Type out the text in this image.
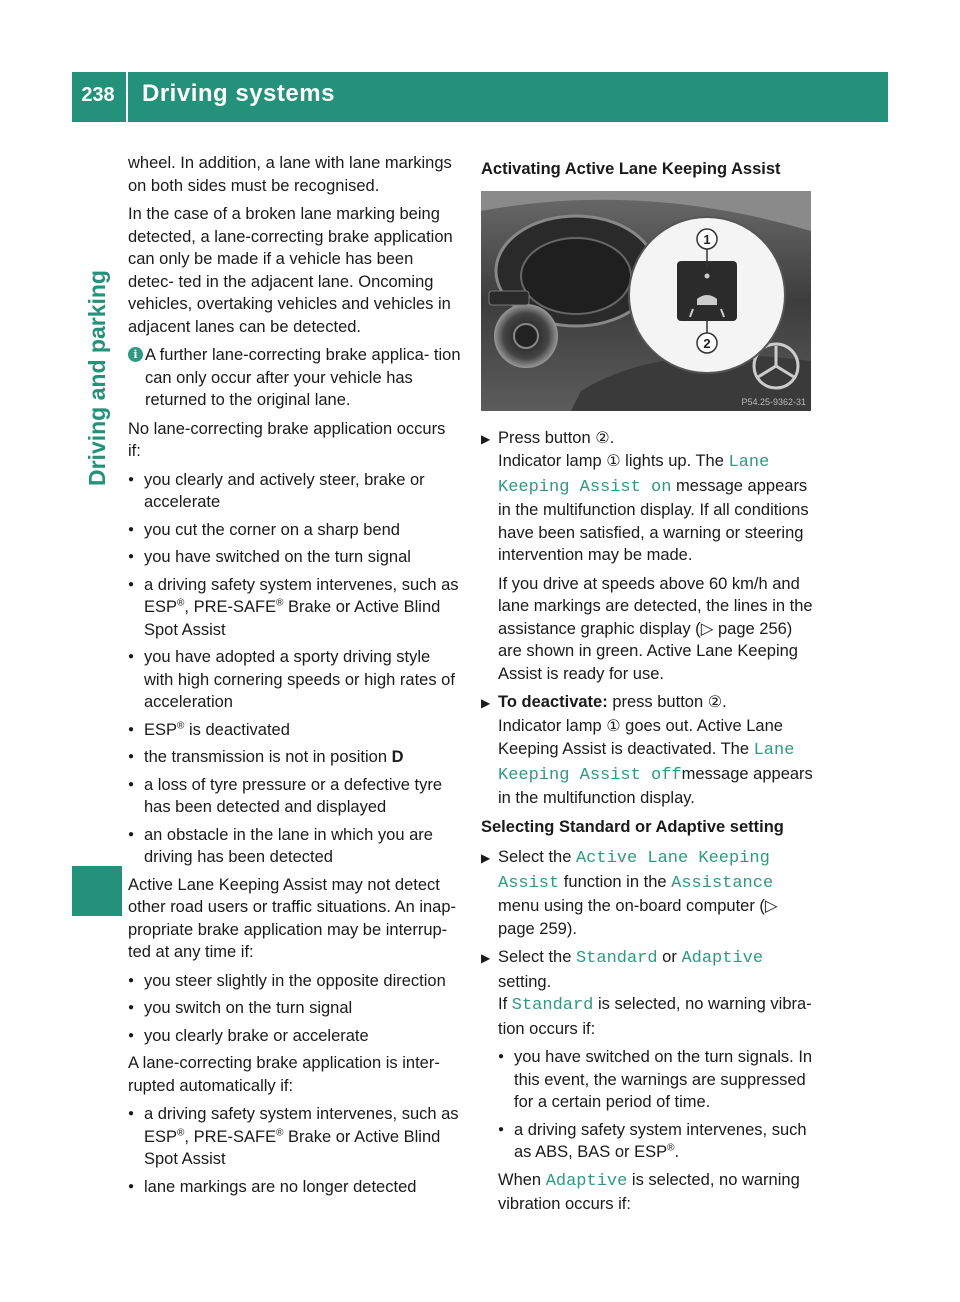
238	Driving systems
Driving and parking

wheel. In addition, a lane with lane markings on both sides must be recognised.

In the case of a broken lane marking being detected, a lane-correcting brake application can only be made if a vehicle has been detec- ted in the adjacent lane. Oncoming vehicles, overtaking vehicles and vehicles in adjacent lanes can be detected.

i A further lane-correcting brake applica- tion can only occur after your vehicle has returned to the original lane.

No lane-correcting brake application occurs if:

● you clearly and actively steer, brake or accelerate
● you cut the corner on a sharp bend
● you have switched on the turn signal
● a driving safety system intervenes, such as ESP®, PRE-SAFE® Brake or Active Blind Spot Assist
● you have adopted a sporty driving style with high cornering speeds or high rates of acceleration
● ESP® is deactivated
● the transmission is not in position D
● a loss of tyre pressure or a defective tyre has been detected and displayed
● an obstacle in the lane in which you are driving has been detected

Active Lane Keeping Assist may not detect other road users or traffic situations. An inap- propriate brake application may be interrup- ted at any time if:

● you steer slightly in the opposite direction
● you switch on the turn signal
● you clearly brake or accelerate

A lane-correcting brake application is inter- rupted automatically if:

● a driving safety system intervenes, such as ESP®, PRE-SAFE® Brake or Active Blind Spot Assist
● lane markings are no longer detected

Activating Active Lane Keeping Assist

1
2
P54.25-9362-31
▶ Press button ②.
Indicator lamp ① lights up. The Lane Keeping Assist on message appears in the multifunction display. If all conditions have been satisfied, a warning or steering intervention may be made.

If you drive at speeds above 60 km/h and lane markings are detected, the lines in the assistance graphic display (▷ page 256) are shown in green. Active Lane Keeping Assist is ready for use.

▶ To deactivate: press button ②.
Indicator lamp ① goes out. Active Lane Keeping Assist is deactivated. The Lane Keeping Assist offmessage appears in the multifunction display.

Selecting Standard or Adaptive setting

▶ Select the Active Lane Keeping Assist function in the Assistance menu using the on-board computer (▷ page 259).
▶ Select the Standard or Adaptive setting.
If Standard is selected, no warning vibra- tion occurs if:
● you have switched on the turn signals. In this event, the warnings are suppressed for a certain period of time.
● a driving safety system intervenes, such as ABS, BAS or ESP®.

When Adaptive is selected, no warning vibration occurs if:
